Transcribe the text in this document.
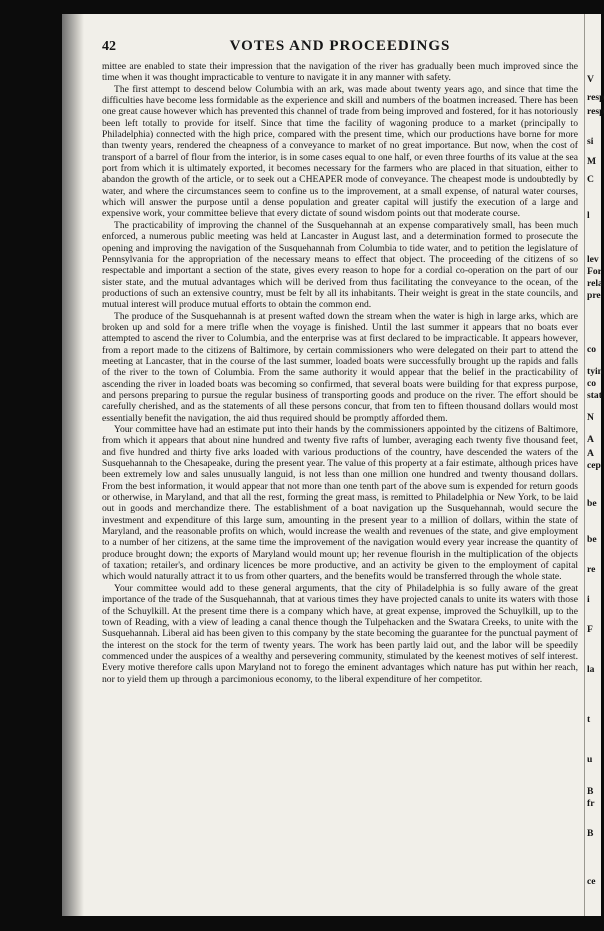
42	VOTES AND PROCEEDINGS

mittee are enabled to state their impression that the navigation of the river has gradually been much improved since the time when it was thought impracticable to venture to navigate it in any manner with safety.

The first attempt to descend below Columbia with an ark, was made about twenty years ago, and since that time the difficulties have become less formidable as the experience and skill and numbers of the boatmen increased. There has been one great cause however which has prevented this channel of trade from being improved and fostered, for it has notoriously been left totally to provide for itself. Since that time the facility of wagoning produce to a market (principally to Philadelphia) connected with the high price, compared with the present time, which our productions have borne for more than twenty years, rendered the cheapness of a conveyance to market of no great importance. But now, when the cost of transport of a barrel of flour from the interior, is in some cases equal to one half, or even three fourths of its value at the sea port from which it is ultimately exported, it becomes necessary for the farmers who are placed in that situation, either to abandon the growth of the article, or to seek out a CHEAPER mode of conveyance. The cheapest mode is undoubtedly by water, and where the circumstances seem to confine us to the improvement, at a small expense, of natural water courses, which will answer the purpose until a dense population and greater capital will justify the execution of a large and expensive work, your committee believe that every dictate of sound wisdom points out that moderate course.

The practicability of improving the channel of the Susquehannah at an expense comparatively small, has been much enforced, a numerous public meeting was held at Lancaster in August last, and a determination formed to prosecute the opening and improving the navigation of the Susquehannah from Columbia to tide water, and to petition the legislature of Pennsylvania for the appropriation of the necessary means to effect that object. The proceeding of the citizens of so respectable and important a section of the state, gives every reason to hope for a cordial co-operation on the part of our sister state, and the mutual advantages which will be derived from thus facilitating the conveyance to the ocean, of the productions of such an extensive country, must be felt by all its inhabitants. Their weight is great in the state councils, and mutual interest will produce mutual efforts to obtain the common end.

The produce of the Susquehannah is at present wafted down the stream when the water is high in large arks, which are broken up and sold for a mere trifle when the voyage is finished. Until the last summer it appears that no boats ever attempted to ascend the river to Columbia, and the enterprise was at first declared to be impracticable. It appears however, from a report made to the citizens of Baltimore, by certain commissioners who were delegated on their part to attend the meeting at Lancaster, that in the course of the last summer, loaded boats were successfully brought up the rapids and falls of the river to the town of Columbia. From the same authority it would appear that the belief in the practicability of ascending the river in loaded boats was becoming so confirmed, that several boats were building for that express purpose, and persons preparing to pursue the regular business of transporting goods and produce on the river. The effort should be carefully cherished, and as the statements of all these persons concur, that from ten to fifteen thousand dollars would most essentially benefit the navigation, the aid thus required should be promptly afforded them.

Your committee have had an estimate put into their hands by the commissioners appointed by the citizens of Baltimore, from which it appears that about nine hundred and twenty five rafts of lumber, averaging each twenty five thousand feet, and five hundred and thirty five arks loaded with various productions of the country, have descended the waters of the Susquehannah to the Chesapeake, during the present year. The value of this property at a fair estimate, although prices have been extremely low and sales unusually languid, is not less than one million one hundred and twenty thousand dollars. From the best information, it would appear that not more than one tenth part of the above sum is expended for return goods or otherwise, in Maryland, and that all the rest, forming the great mass, is remitted to Philadelphia or New York, to be laid out in goods and merchandize there. The establishment of a boat navigation up the Susquehannah, would secure the investment and expenditure of this large sum, amounting in the present year to a million of dollars, within the state of Maryland, and the reasonable profits on which, would increase the wealth and revenues of the state, and give employment to a number of her citizens, at the same time the improvement of the navigation would every year increase the quantity of produce brought down; the exports of Maryland would mount up; her revenue flourish in the multiplication of the objects of taxation; retailer's, and ordinary licences be more productive, and an activity be given to the employment of capital which would naturally attract it to us from other quarters, and the benefits would be transferred through the whole state.

Your committee would add to these general arguments, that the city of Philadelphia is so fully aware of the great importance of the trade of the Susquehannah, that at various times they have projected canals to unite its waters with those of the Schuylkill. At the present time there is a company which have, at great expense, improved the Schuylkill, up to the town of Reading, with a view of leading a canal thence though the Tulpehacken and the Swatara Creeks, to unite with the Susquehannah. Liberal aid has been given to this company by the state becoming the guarantee for the punctual payment of the interest on the stock for the term of twenty years. The work has been partly laid out, and the labor will be speedily commenced under the auspices of a wealthy and persevering community, stimulated by the keenest motives of self interest. Every motive therefore calls upon Maryland not to forego the eminent advantages which nature has put within her reach, nor to yield them up through a parcimonious economy, to the liberal expenditure of her competitor.

V
resp
resp
si
M
C
l
lev
For
rela
pre
co
tyin
co
stat
N
A
A
cep
be
be
re
i
F
la
t
u
B
fr
B
ce
